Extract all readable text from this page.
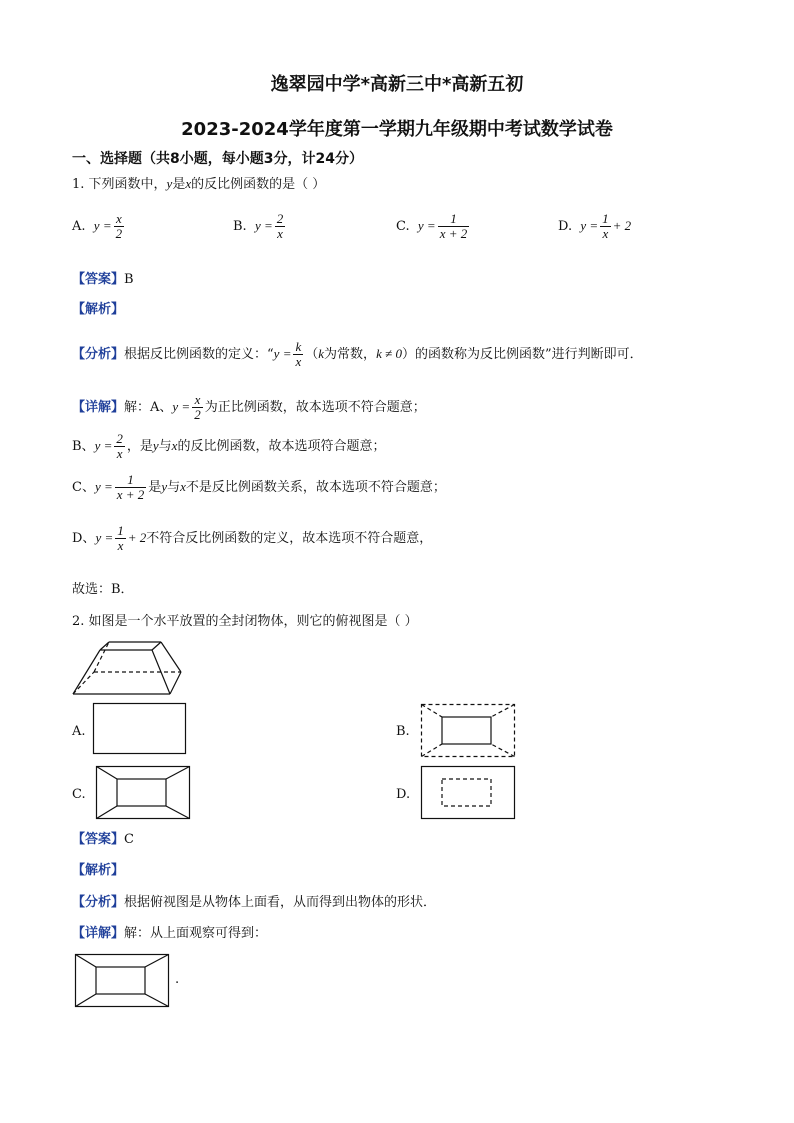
逸翠园中学*高新三中*高新五初
2023-2024学年度第一学期九年级期中考试数学试卷
一、选择题（共8小题，每小题3分，计24分）
1. 下列函数中，y是x的反比例函数的是（ ）
A. $y = \frac{x}{2}$	B. $y = \frac{2}{x}$	C. $y = \frac{1}{x + 2}$	D. $y = \frac{1}{x} + 2$
【答案】B
【解析】
【分析】根据反比例函数的定义：“$y = \frac{k}{x} (k$为常数，k ≠ 0）的函数称为反比例函数”进行判断即可．
【详解】解：A、$y = \frac{x}{2}$ 为正比例函数，故本选项不符合题意；
B、$y = \frac{2}{x}$ ，是y与x的反比例函数，故本选项符合题意；
C、$y = \frac{1}{x + 2}$ 是y与x不是反比例函数关系，故本选项不符合题意；
D、$y = \frac{1}{x} + 2$不符合反比例函数的定义，故本选项不符合题意，
故选：B．
2. 如图是一个水平放置的全封闭物体，则它的俯视图是（ ）
A.	B.
C.	D.
【答案】C
【解析】
【分析】根据俯视图是从物体上面看，从而得到出物体的形状．
【详解】解：从上面观察可得到：
.
